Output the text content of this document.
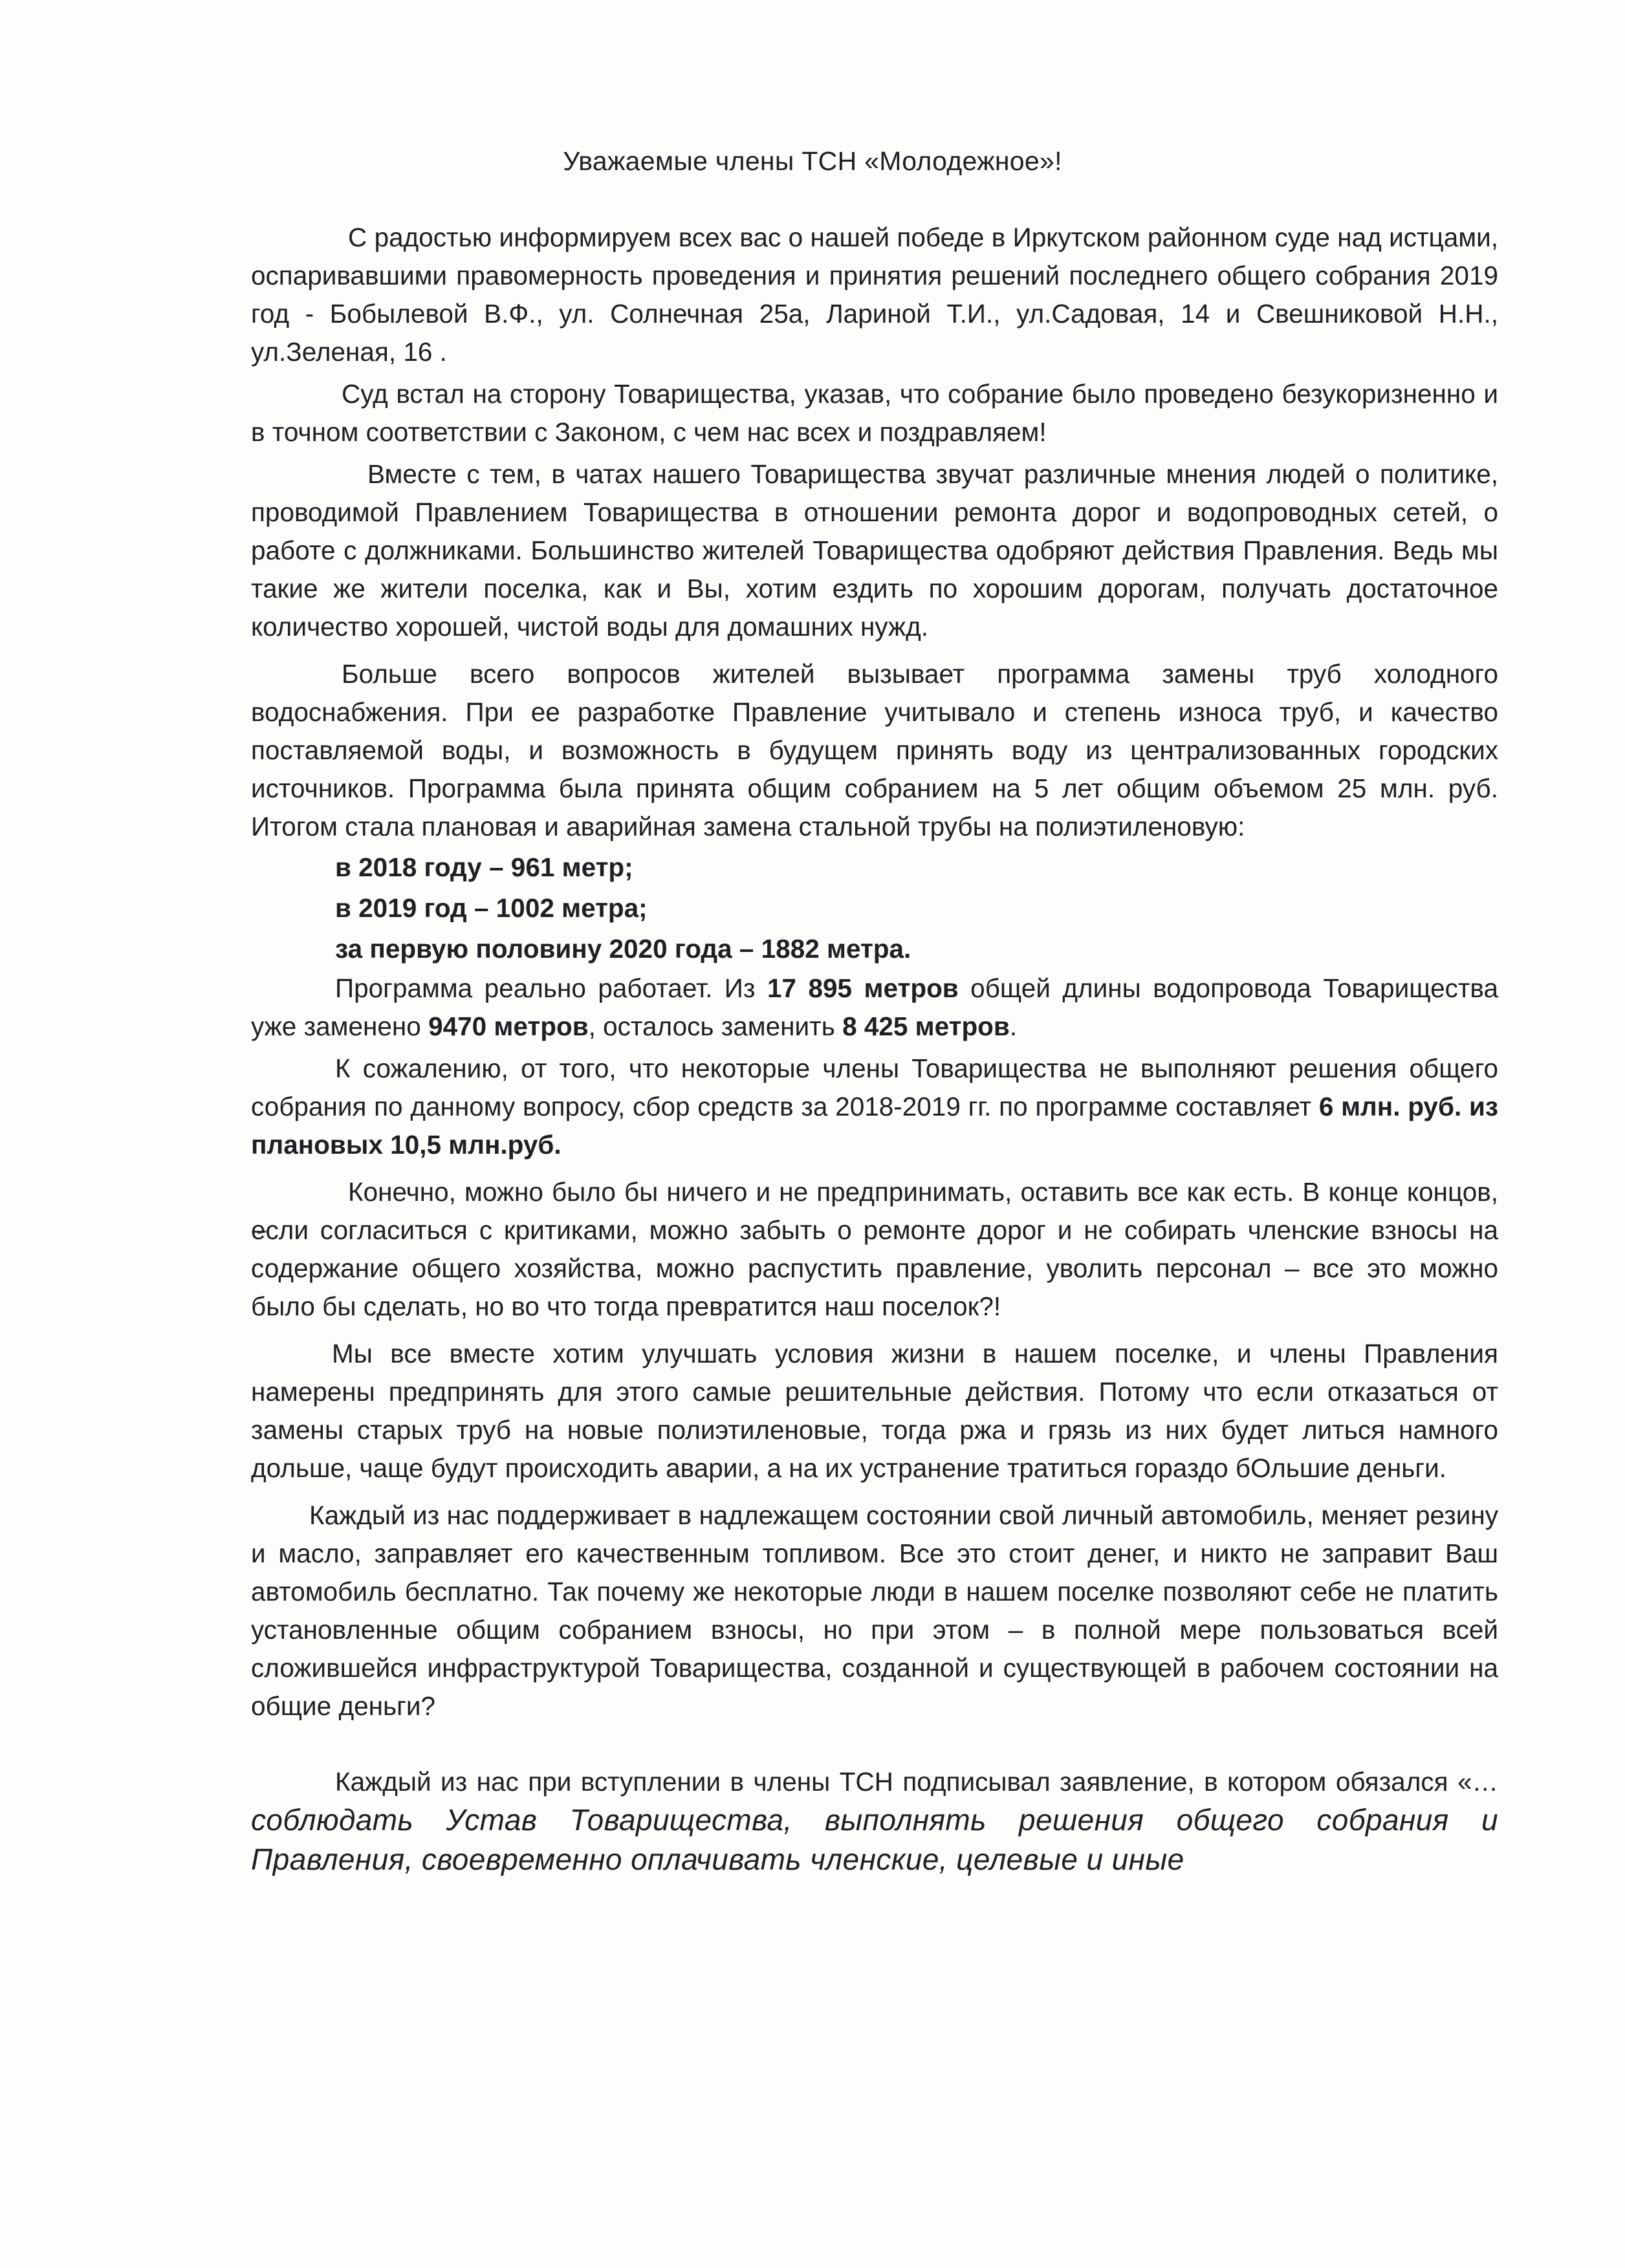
Уважаемые члены ТСН «Молодежное»!

С радостью информируем всех вас о нашей победе в Иркутском районном суде над истцами, оспаривавшими правомерность проведения и принятия решений последнего общего собрания 2019 год - Бобылевой В.Ф., ул. Солнечная 25а, Лариной Т.И., ул.Садовая, 14 и Свешниковой Н.Н., ул.Зеленая, 16 .

Суд встал на сторону Товарищества, указав, что собрание было проведено безукоризненно и в точном соответствии с Законом, с чем нас всех и поздравляем!

Вместе с тем, в чатах нашего Товарищества звучат различные мнения людей о политике, проводимой Правлением Товарищества в отношении ремонта дорог и водопроводных сетей, о работе с должниками. Большинство жителей Товарищества одобряют действия Правления. Ведь мы такие же жители поселка, как и Вы, хотим ездить по хорошим дорогам, получать достаточное количество хорошей, чистой воды для домашних нужд.

Больше всего вопросов жителей вызывает программа замены труб холодного водоснабжения. При ее разработке Правление учитывало и степень износа труб, и качество поставляемой воды, и возможность в будущем принять воду из централизованных городских источников. Программа была принята общим собранием на 5 лет общим объемом 25 млн. руб. Итогом стала плановая и аварийная замена стальной трубы на полиэтиленовую:

в 2018 году – 961 метр;
в 2019 год – 1002 метра;
за первую половину 2020 года – 1882 метра.

Программа реально работает. Из 17 895 метров общей длины водопровода Товарищества уже заменено 9470 метров, осталось заменить 8 425 метров.

К сожалению, от того, что некоторые члены Товарищества не выполняют решения общего собрания по данному вопросу, сбор средств за 2018-2019 гг. по программе составляет 6 млн. руб. из плановых 10,5 млн.руб.

Конечно, можно было бы ничего и не предпринимать, оставить все как есть. В конце концов, если согласиться с критиками, можно забыть о ремонте дорог и не собирать членские взносы на содержание общего хозяйства, можно распустить правление, уволить персонал – все это можно было бы сделать, но во что тогда превратится наш поселок?!

Мы все вместе хотим улучшать условия жизни в нашем поселке, и члены Правления намерены предпринять для этого самые решительные действия. Потому что если отказаться от замены старых труб на новые полиэтиленовые, тогда ржа и грязь из них будет литься намного дольше, чаще будут происходить аварии, а на их устранение тратиться гораздо бОльшие деньги.

Каждый из нас поддерживает в надлежащем состоянии свой личный автомобиль, меняет резину и масло, заправляет его качественным топливом. Все это стоит денег, и никто не заправит Ваш автомобиль бесплатно. Так почему же некоторые люди в нашем поселке позволяют себе не платить установленные общим собранием взносы, но при этом – в полной мере пользоваться всей сложившейся инфраструктурой Товарищества, созданной и существующей в рабочем состоянии на общие деньги?

Каждый из нас при вступлении в члены ТСН подписывал заявление, в котором обязался «…соблюдать Устав Товарищества, выполнять решения общего собрания и Правления, своевременно оплачивать членские, целевые и иные
